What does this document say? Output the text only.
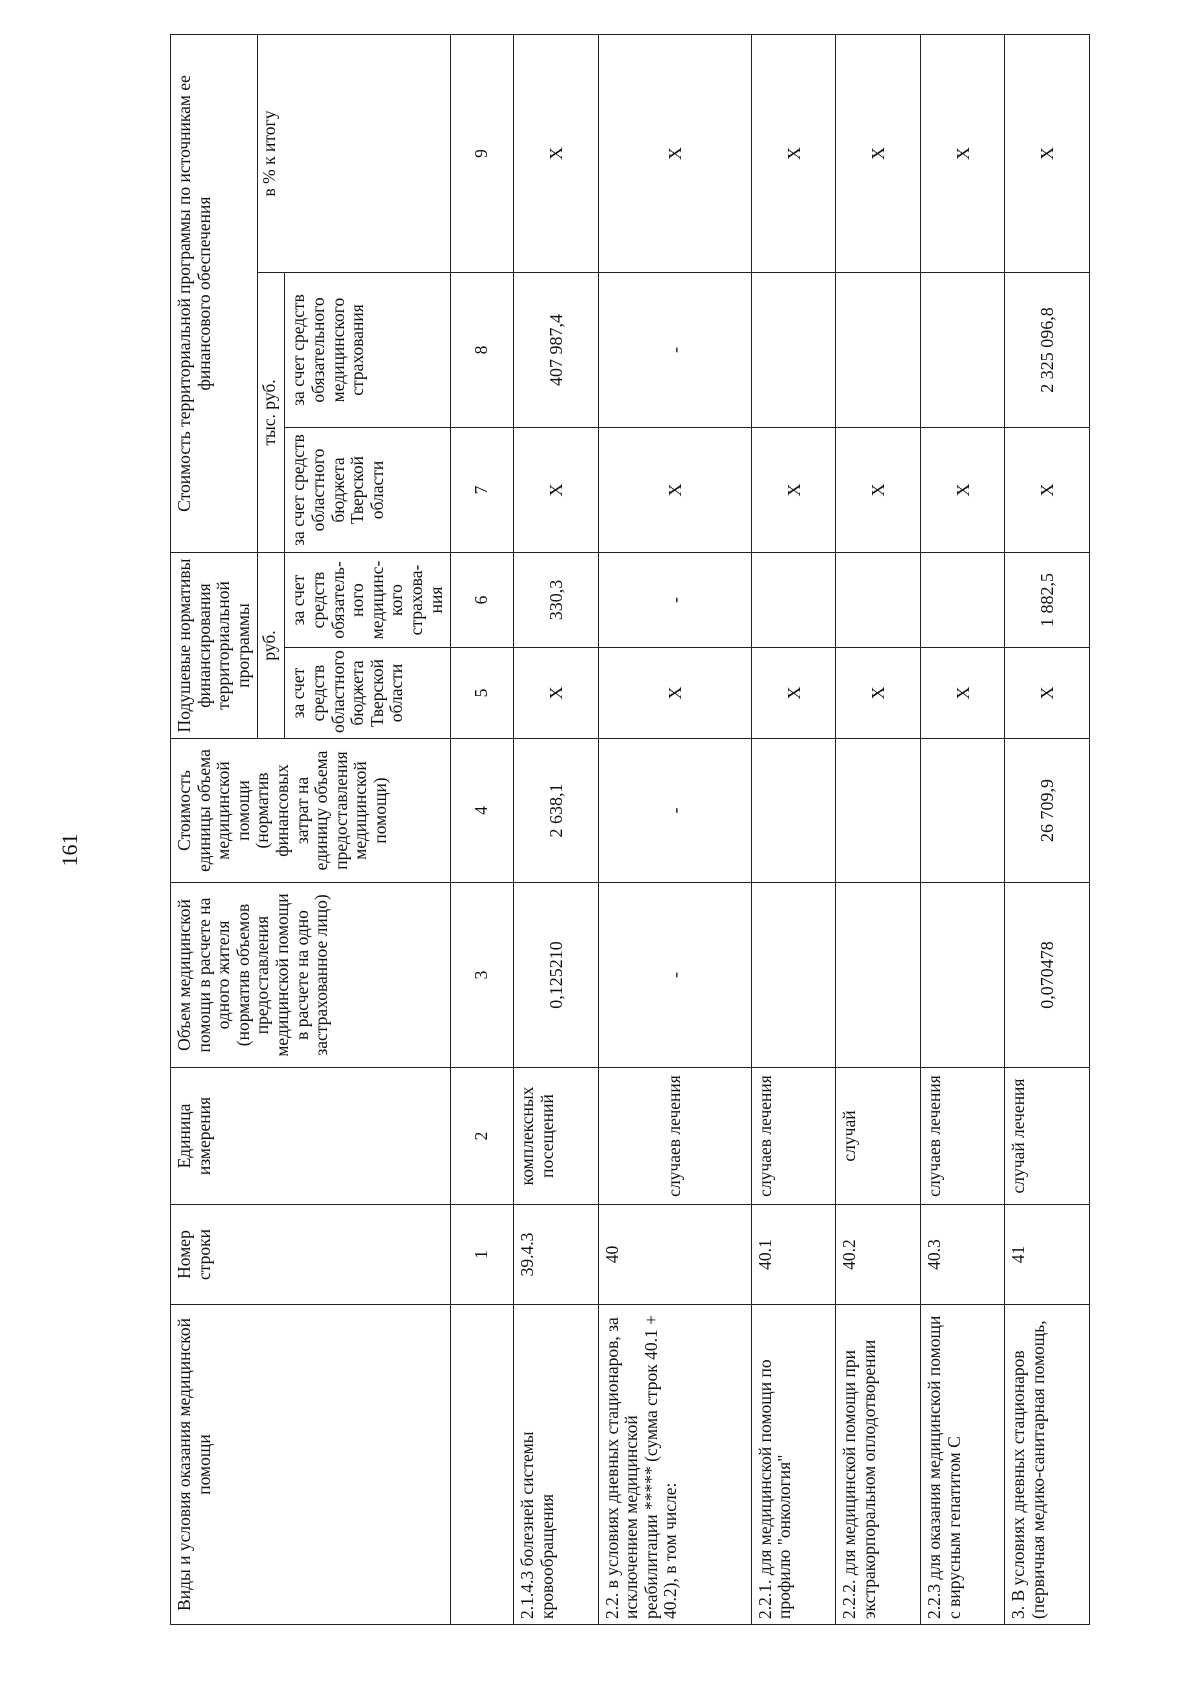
161
Виды и условия оказания медицинской помощи	Номер строки	Единица измерения	Объем медицинской помощи в расчете на одного жителя (норматив объемов предоставления медицинской помощи в расчете на одно застрахованное лицо)	Стоимость единицы объема медицинской помощи (норматив финансовых затрат на единицу объема предоставления медицинской помощи)	Подушевые нормативы финансирования территориальной программы		Стоимость территориальной программы по источникам ее финансового обеспечения		
					руб.		тыс. руб.		в % к итогу
					за счет средств областного бюджета Тверской области	за счет средств обязатель-ного медицинс-кого страхова-ния	за счет средств областного бюджета Тверской области	за счет средств обязательного медицинского страхования	
	1	2	3	4	5	6	7	8	9
2.1.4.3 болезней системы кровообращения	39.4.3	комплексных посещений	0,125210	2 638,1	Х	330,3	Х	407 987,4	Х
2.2. в условиях дневных стационаров, за исключением медицинской реабилитации ***** (сумма строк 40.1 + 40.2), в том числе:	40	случаев лечения	-	-	Х	-	Х	-	Х
2.2.1. для медицинской помощи по профилю "онкология"	40.1	случаев лечения			Х		Х		Х
2.2.2. для медицинской помощи при экстракорпоральном оплодотворении	40.2	случай			Х		Х		Х
2.2.3 для оказания медицинской помощи с вирусным гепатитом С	40.3	случаев лечения			Х		Х		Х
3. В условиях дневных стационаров (первичная медико-санитарная помощь,	41	случай лечения	0,070478	26 709,9	Х	1 882,5	Х	2 325 096,8	Х
